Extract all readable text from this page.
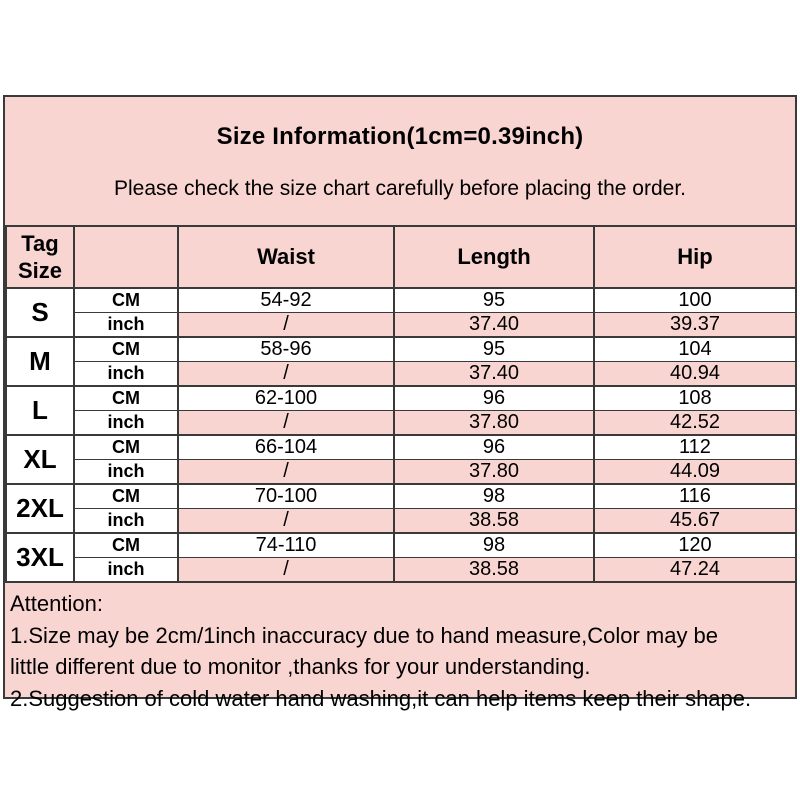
Size Information(1cm=0.39inch)
Please check the size chart carefully before placing the order.
Tag Size		Waist	Length	Hip
S	CM	54-92	95	100
	inch	/	37.40	39.37
M	CM	58-96	95	104
	inch	/	37.40	40.94
L	CM	62-100	96	108
	inch	/	37.80	42.52
XL	CM	66-104	96	112
	inch	/	37.80	44.09
2XL	CM	70-100	98	116
	inch	/	38.58	45.67
3XL	CM	74-110	98	120
	inch	/	38.58	47.24
Attention:
1.Size may be 2cm/1inch inaccuracy due to hand measure,Color may be
little different due to monitor ,thanks for your understanding.
2.Suggestion of cold water hand washing,it can help items keep their shape.
